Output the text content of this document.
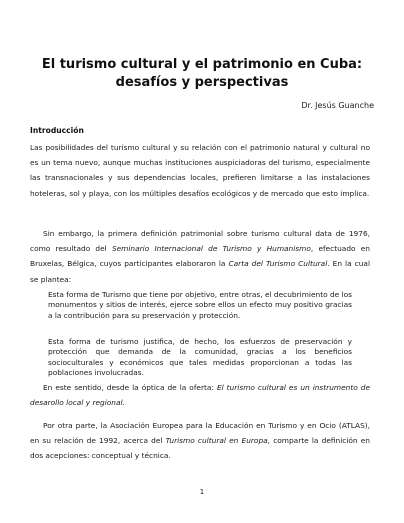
El turismo cultural y el patrimonio en Cuba:
desafíos y perspectivas
Dr. Jesús Guanche
Introducción

Las posibilidades del turismo cultural y su relación con el patrimonio natural y cultural no es un tema nuevo, aunque muchas instituciones auspiciadoras del turismo, especialmente las transnacionales y sus dependencias locales, prefieren limitarse a las instalaciones hoteleras, sol y playa, con los múltiples desafíos ecológicos y de mercado que esto implica.

Sin embargo, la primera definición patrimonial sobre turismo cultural data de 1976, como resultado del Seminario Internacional de Turismo y Humanismo, efectuado en Bruxelas, Bélgica, cuyos participantes elaboraron la Carta del Turismo Cultural. En la cual se plantea:

Esta forma de Turismo que tiene por objetivo, entre otras, el decubrimiento de los monumentos y sitios de interés, ejerce sobre ellos un efecto muy positivo gracias a la contribución para su preservación y protección.

Esta forma de turismo justifica, de hecho, los esfuerzos de preservación y protección que demanda de la comunidad, gracias a los beneficios socioculturales y económicos que tales medidas proporcionan a todas las poblaciones involucradas.

En este sentido, desde la óptica de la oferta: El turismo cultural es un instrumento de desarollo local y regional.

Por otra parte, la Asociación Europea para la Educación en Turismo y en Ocio (ATLAS), en su relación de 1992, acerca del Turismo cultural en Europa, comparte la definición en dos acepciones: conceptual y técnica.

1
